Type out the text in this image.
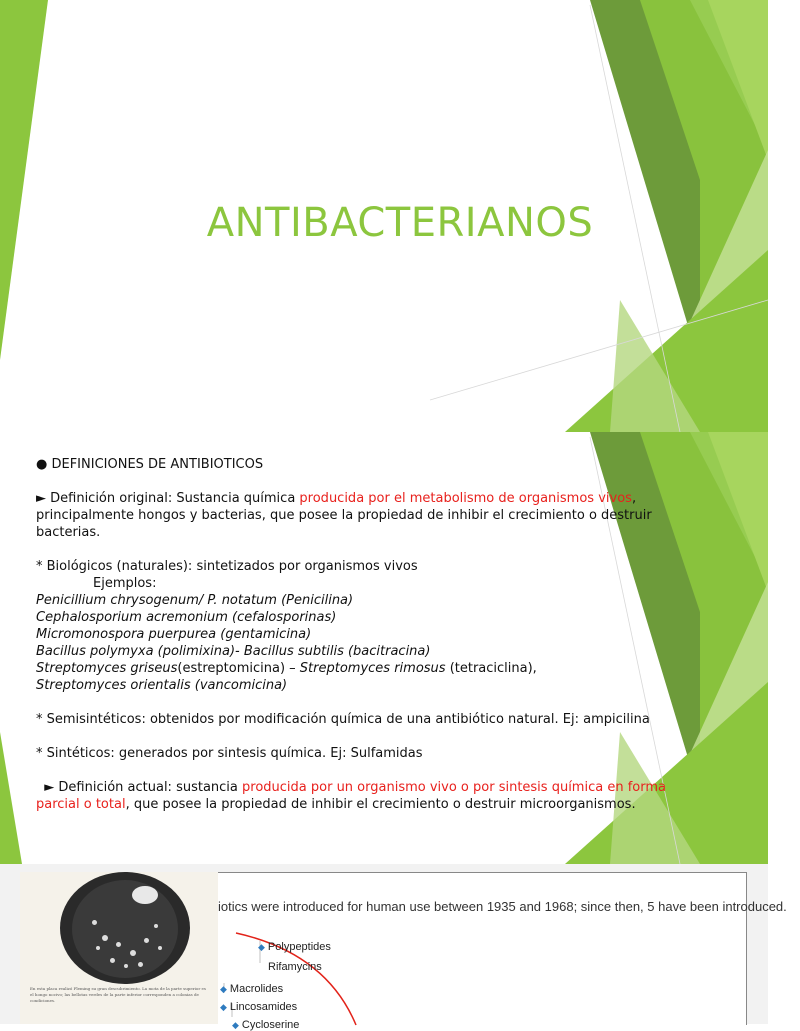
ANTIBACTERIANOS

● DEFINICIONES DE ANTIBIOTICOS

► Definición original: Sustancia química producida por el metabolismo de organismos vivos, principalmente hongos y bacterias, que posee la propiedad de inhibir el crecimiento o destruir bacterias.

* Biológicos (naturales): sintetizados por organismos vivos

Ejemplos:

Penicillium chrysogenum/ P. notatum (Penicilina)

Cephalosporium acremonium (cefalosporinas)

Micromonospora puerpurea (gentamicina)

Bacillus polymyxa (polimixina)- Bacillus subtilis (bacitracina)

Streptomyces griseus(estreptomicina) – Streptomyces rimosus (tetraciclina),

Streptomyces orientalis (vancomicina)

* Semisintéticos: obtenidos por modificación química de una antibiótico natural. Ej: ampicilina

* Sintéticos: generados por sintesis química. Ej: Sulfamidas

► Definición actual: sustancia producida por un organismo vivo o por sintesis química en forma parcial o total, que posee la propiedad de inhibir el crecimiento o destruir microorganismos.

iotics were introduced for human use between 1935 and 1968; since then, 5 have been introduced.
◆ Polypeptides
Rifamycins
◆ Macrolides
◆ Lincosamides
◆ Cycloserine
En esta placa realizó Fleming su gran descubrimiento. La mota de la parte superior es el hongo nocivo; las bellotas verdes de la parte inferior corresponden a colonias de condiciones.
